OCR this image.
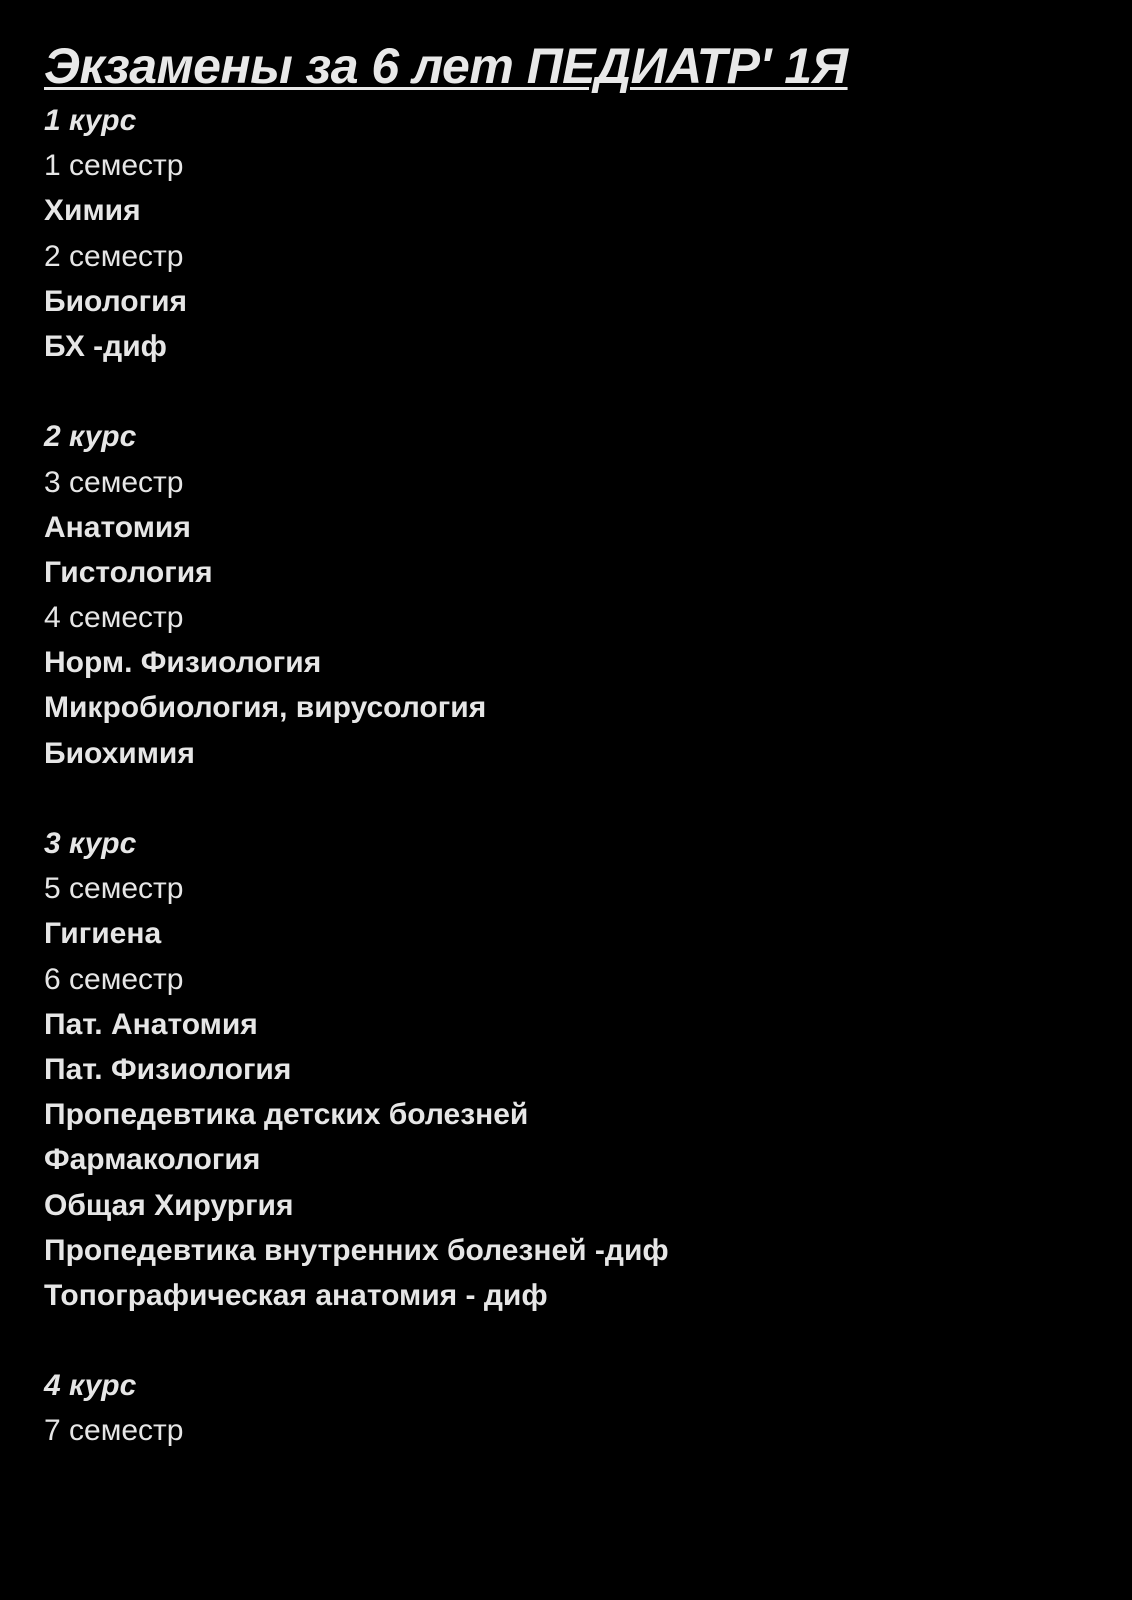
Экзамены за 6 лет ПЕДИАТР' 1Я
1 курс
1 семестр
Химия
2 семестр
Биология
БХ -диф
2 курс
3 семестр
Анатомия
Гистология
4 семестр
Норм. Физиология
Микробиология, вирусология
Биохимия
3 курс
5 семестр
Гигиена
6 семестр
Пат. Анатомия
Пат. Физиология
Пропедевтика детских болезней
Фармакология
Общая Хирургия
Пропедевтика внутренних болезней -диф
Топографическая анатомия - диф
4 курс
7 семестр
